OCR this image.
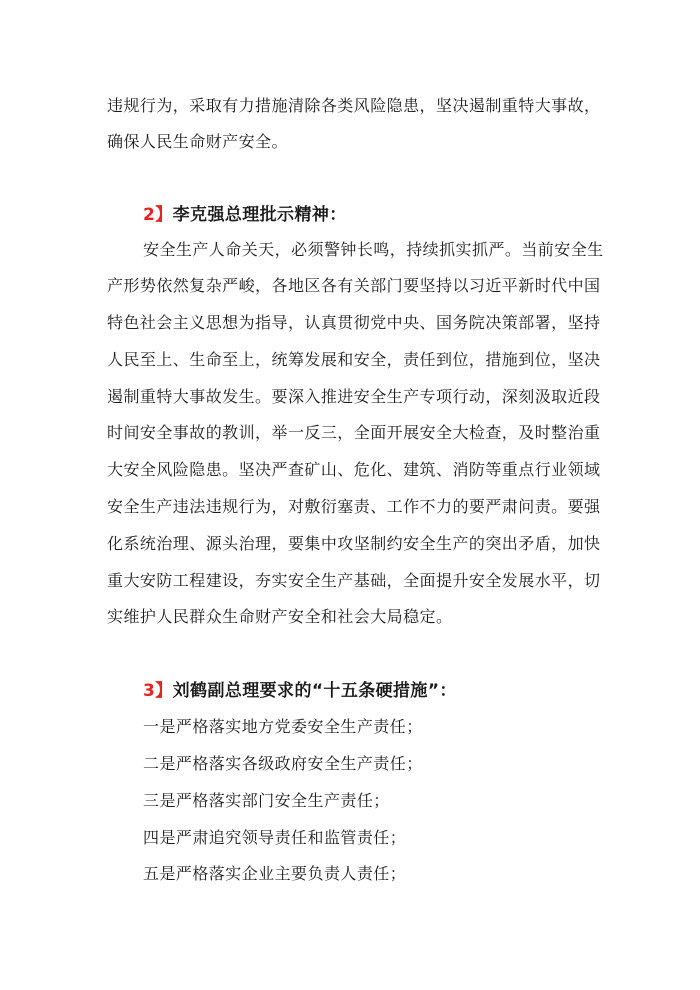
违规行为，采取有力措施清除各类风险隐患，坚决遏制重特大事故，
确保人民生命财产安全。
2】李克强总理批示精神：
安全生产人命关天，必须警钟长鸣，持续抓实抓严。当前安全生
产形势依然复杂严峻，各地区各有关部门要坚持以习近平新时代中国
特色社会主义思想为指导，认真贯彻党中央、国务院决策部署，坚持
人民至上、生命至上，统筹发展和安全，责任到位，措施到位，坚决
遏制重特大事故发生。要深入推进安全生产专项行动，深刻汲取近段
时间安全事故的教训，举一反三，全面开展安全大检查，及时整治重
大安全风险隐患。坚决严查矿山、危化、建筑、消防等重点行业领域
安全生产违法违规行为，对敷衍塞责、工作不力的要严肃问责。要强
化系统治理、源头治理，要集中攻坚制约安全生产的突出矛盾，加快
重大安防工程建设，夯实安全生产基础，全面提升安全发展水平，切
实维护人民群众生命财产安全和社会大局稳定。
3】刘鹤副总理要求的“十五条硬措施”：
一是严格落实地方党委安全生产责任；
二是严格落实各级政府安全生产责任；
三是严格落实部门安全生产责任；
四是严肃追究领导责任和监管责任；
五是严格落实企业主要负责人责任；
